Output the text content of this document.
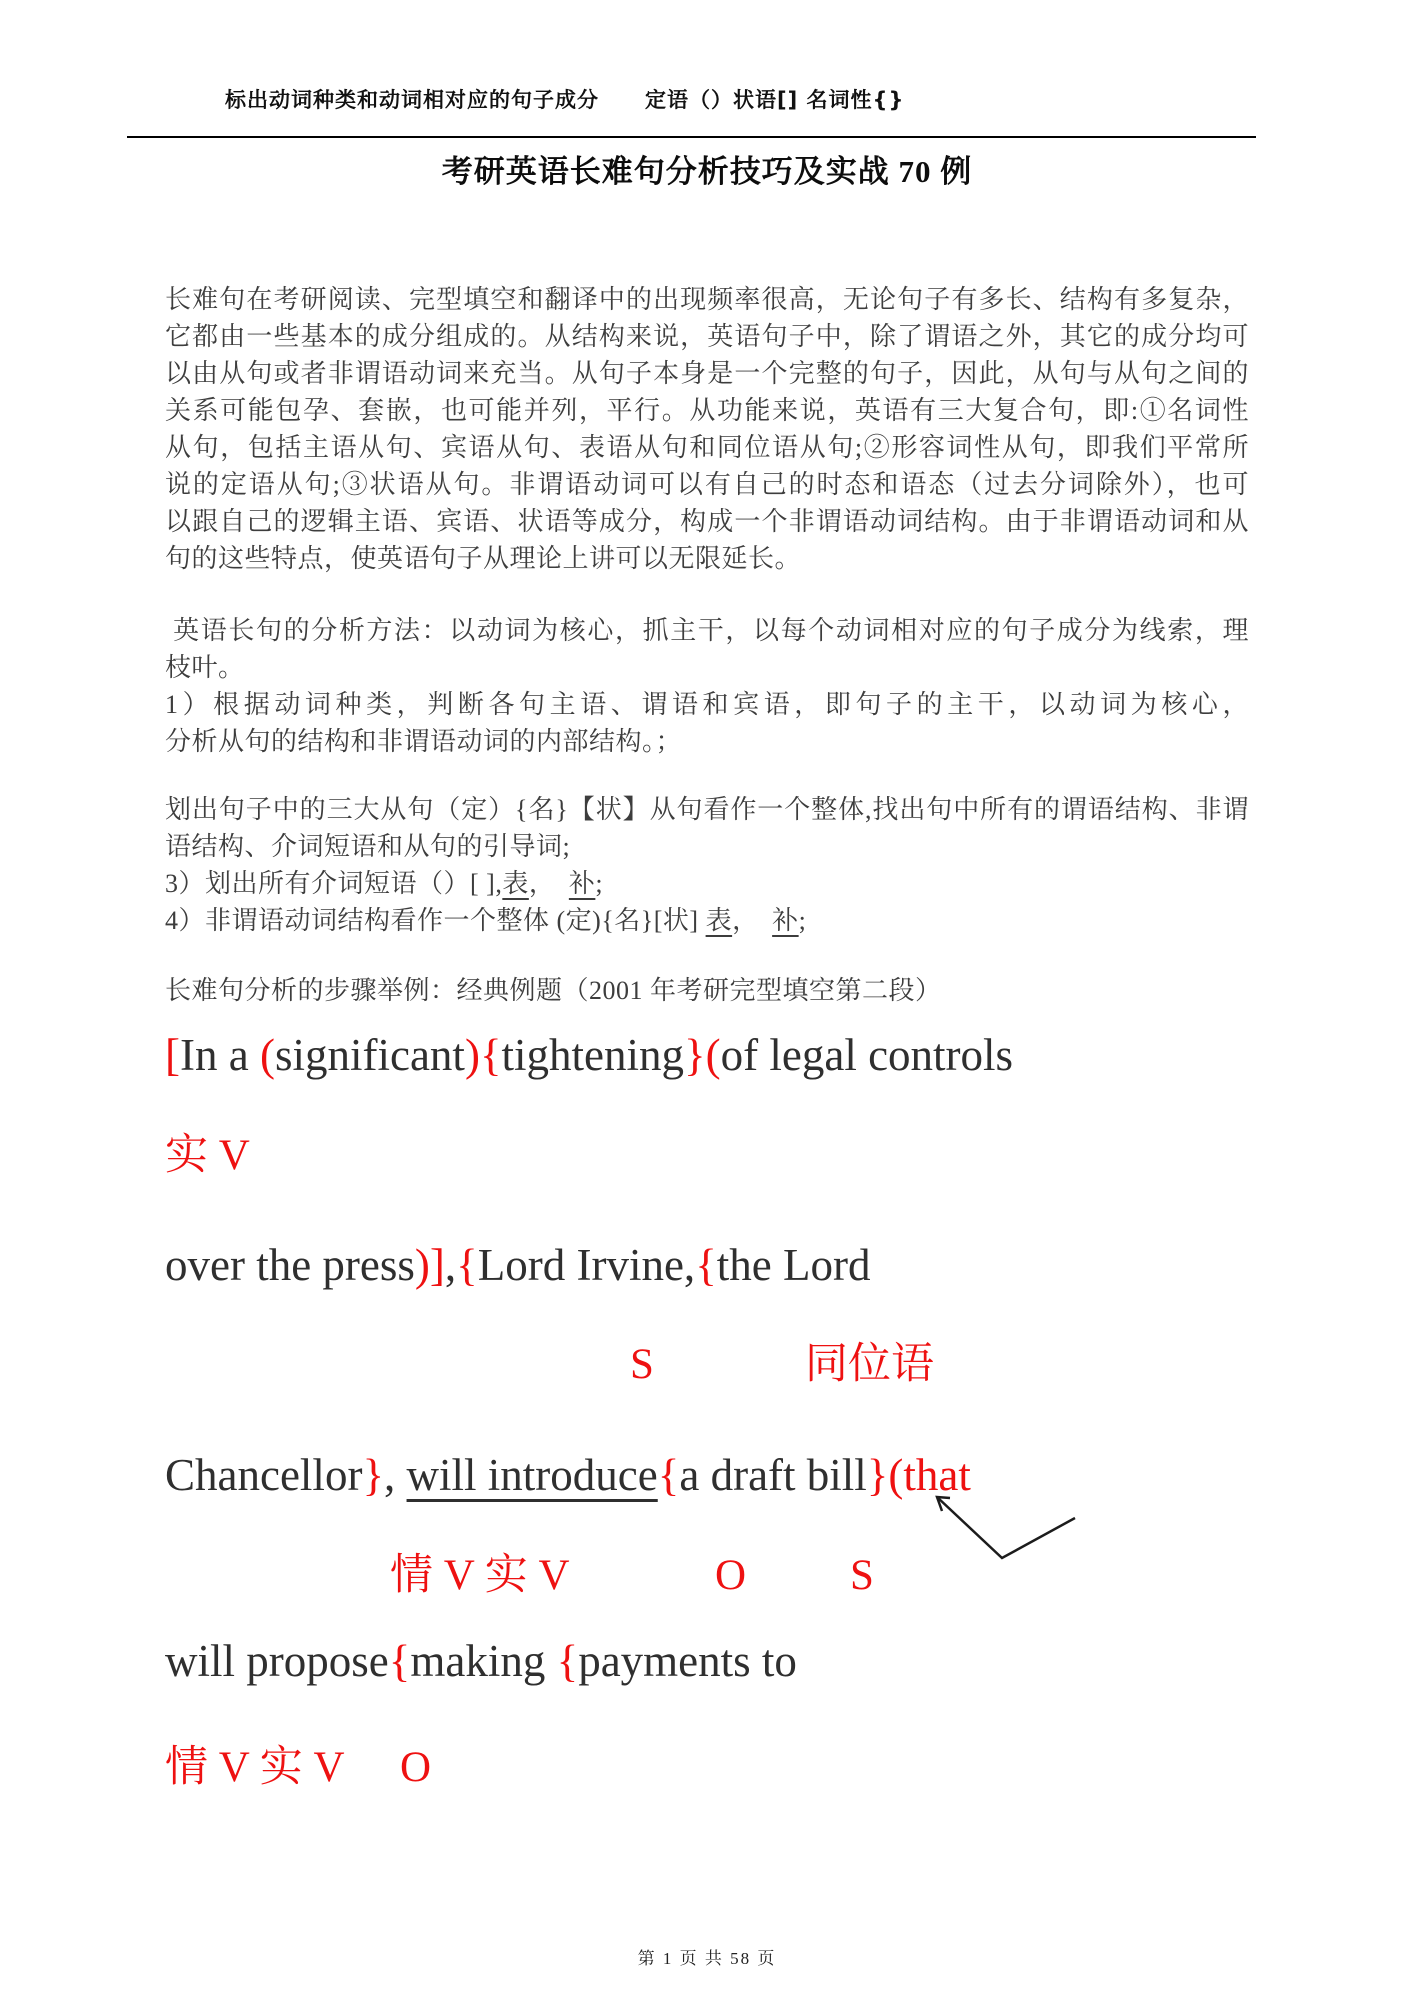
标出动词种类和动词相对应的句子成分 定语（）状语[] 名词性{}
考研英语长难句分析技巧及实战 70 例
长难句在考研阅读、完型填空和翻译中的出现频率很高，无论句子有多长、结构有多复杂，
它都由一些基本的成分组成的。从结构来说，英语句子中，除了谓语之外，其它的成分均可
以由从句或者非谓语动词来充当。从句子本身是一个完整的句子，因此，从句与从句之间的
关系可能包孕、套嵌，也可能并列，平行。从功能来说，英语有三大复合句，即:①名词性
从句，包括主语从句、宾语从句、表语从句和同位语从句;②形容词性从句，即我们平常所
说的定语从句;③状语从句。非谓语动词可以有自己的时态和语态（过去分词除外），也可
以跟自己的逻辑主语、宾语、状语等成分，构成一个非谓语动词结构。由于非谓语动词和从
句的这些特点，使英语句子从理论上讲可以无限延长。
英语长句的分析方法：以动词为核心，抓主干，以每个动词相对应的句子成分为线索，理
枝叶。
1）根据动词种类，判断各句主语、谓语和宾语，即句子的主干，以动词为核心，
分析从句的结构和非谓语动词的内部结构。；
划出句子中的三大从句（定）{名}【状】从句看作一个整体,找出句中所有的谓语结构、非谓
语结构、介词短语和从句的引导词;
3）划出所有介词短语（）[ ],表，　补;
4）非谓语动词结构看作一个整体 (定){名}[状] 表，　补;
长难句分析的步骤举例：经典例题（2001 年考研完型填空第二段）
[In a (significant){tightening}(of legal controls
实 V
over the press)],{Lord Irvine,{the Lord
S	同位语
Chancellor}, will introduce{a draft bill}(that
情 V 实 V	O S
will propose{making {payments to
情 V 实 V O
第 1 页 共 58 页
